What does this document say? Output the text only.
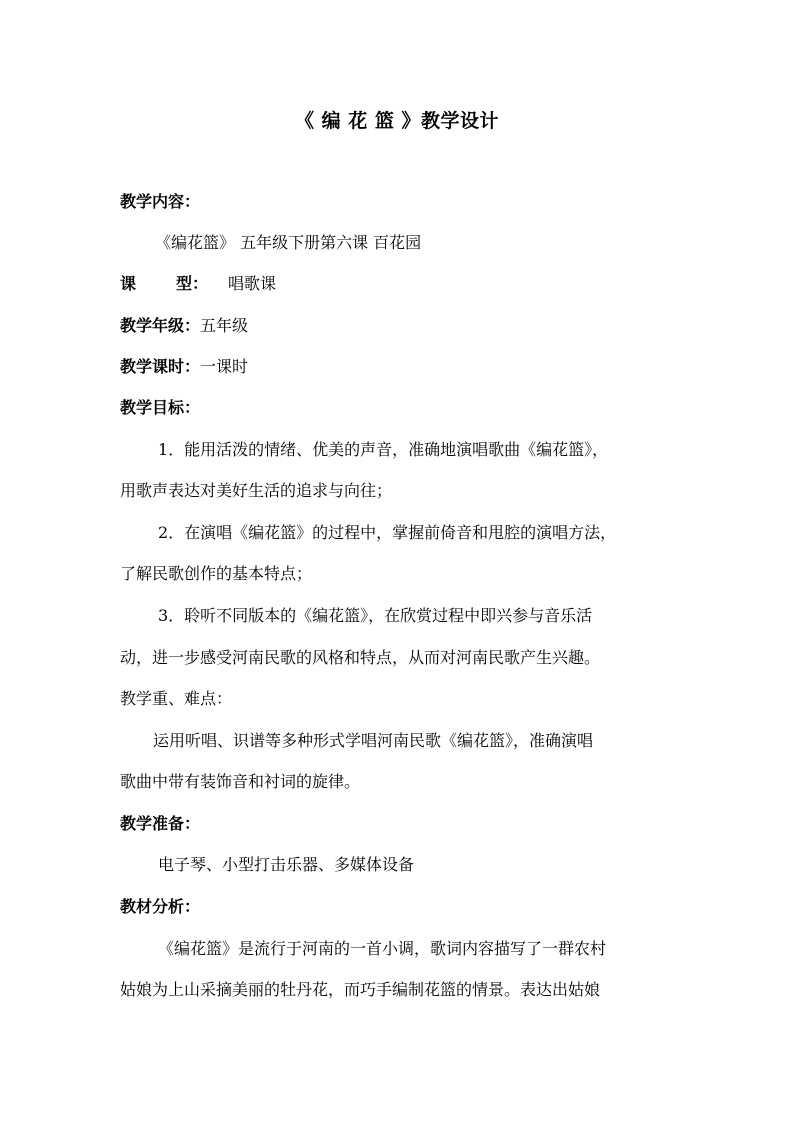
《 编 花 篮 》教学设计
教学内容：
《编花篮》 五年级下册第六课 百花园
课	型： 唱歌课
教学年级：五年级
教学课时：一课时
教学目标：
1．能用活泼的情绪、优美的声音，准确地演唱歌曲《编花篮》，
用歌声表达对美好生活的追求与向往；
2．在演唱《编花篮》的过程中，掌握前倚音和甩腔的演唱方法，
了解民歌创作的基本特点；
3．聆听不同版本的《编花篮》，在欣赏过程中即兴参与音乐活
动，进一步感受河南民歌的风格和特点，从而对河南民歌产生兴趣。
教学重、难点：
运用听唱、识谱等多种形式学唱河南民歌《编花篮》，准确演唱
歌曲中带有装饰音和衬词的旋律。
教学准备：
电子琴、小型打击乐器、多媒体设备
教材分析：
《编花篮》是流行于河南的一首小调，歌词内容描写了一群农村
姑娘为上山采摘美丽的牡丹花，而巧手编制花篮的情景。表达出姑娘
